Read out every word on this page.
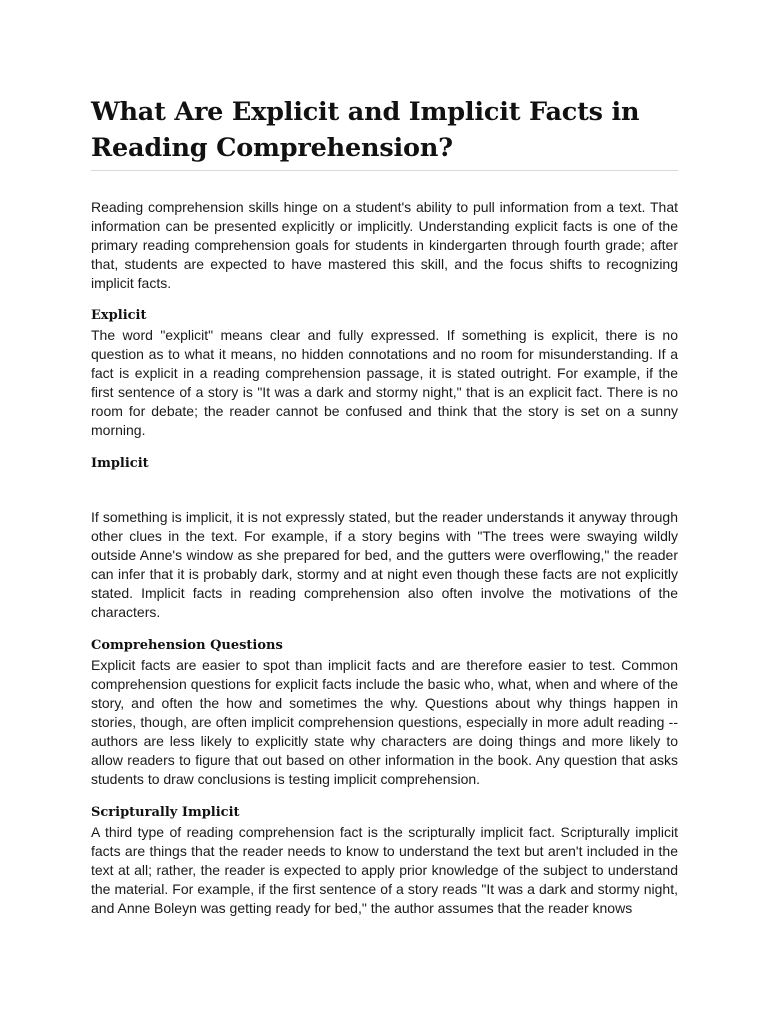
What Are Explicit and Implicit Facts in Reading Comprehension?

Reading comprehension skills hinge on a student's ability to pull information from a text. That information can be presented explicitly or implicitly. Understanding explicit facts is one of the primary reading comprehension goals for students in kindergarten through fourth grade; after that, students are expected to have mastered this skill, and the focus shifts to recognizing implicit facts.

Explicit

The word "explicit" means clear and fully expressed. If something is explicit, there is no question as to what it means, no hidden connotations and no room for misunderstanding. If a fact is explicit in a reading comprehension passage, it is stated outright. For example, if the first sentence of a story is "It was a dark and stormy night," that is an explicit fact. There is no room for debate; the reader cannot be confused and think that the story is set on a sunny morning.

Implicit

If something is implicit, it is not expressly stated, but the reader understands it anyway through other clues in the text. For example, if a story begins with "The trees were swaying wildly outside Anne's window as she prepared for bed, and the gutters were overflowing," the reader can infer that it is probably dark, stormy and at night even though these facts are not explicitly stated. Implicit facts in reading comprehension also often involve the motivations of the characters.

Comprehension Questions

Explicit facts are easier to spot than implicit facts and are therefore easier to test. Common comprehension questions for explicit facts include the basic who, what, when and where of the story, and often the how and sometimes the why. Questions about why things happen in stories, though, are often implicit comprehension questions, especially in more adult reading -- authors are less likely to explicitly state why characters are doing things and more likely to allow readers to figure that out based on other information in the book. Any question that asks students to draw conclusions is testing implicit comprehension.

Scripturally Implicit

A third type of reading comprehension fact is the scripturally implicit fact. Scripturally implicit facts are things that the reader needs to know to understand the text but aren't included in the text at all; rather, the reader is expected to apply prior knowledge of the subject to understand the material. For example, if the first sentence of a story reads "It was a dark and stormy night, and Anne Boleyn was getting ready for bed," the author assumes that the reader knows
